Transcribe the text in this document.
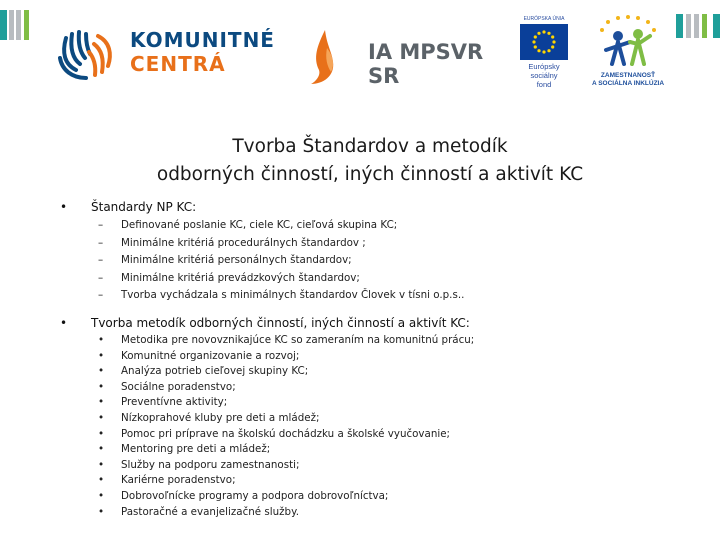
KOMUNITNÉ
CENTRÁ	IA MPSVR SR
EURÓPSKA ÚNIA
Európsky
sociálny
fond
ZAMESTNANOSŤ
A SOCIÁLNA INKLÚZIA
Tvorba Štandardov a metodík
odborných činností, iných činností a aktivít KC
• Štandardy NP KC:
– Definované poslanie KC, ciele KC, cieľová skupina KC;
– Minimálne kritériá procedurálnych štandardov ;
– Minimálne kritériá personálnych štandardov;
– Minimálne kritériá prevádzkových štandardov;
– Tvorba vychádzala s minimálnych štandardov Človek v tísni o.p.s..
• Tvorba metodík odborných činností, iných činností a aktivít KC:
• Metodika pre novovznikajúce KC so zameraním na komunitnú prácu;
• Komunitné organizovanie a rozvoj;
• Analýza potrieb cieľovej skupiny KC;
• Sociálne poradenstvo;
• Preventívne aktivity;
• Nízkoprahové kluby pre deti a mládež;
• Pomoc pri príprave na školskú dochádzku a školské vyučovanie;
• Mentoring pre deti a mládež;
• Služby na podporu zamestnanosti;
• Kariérne poradenstvo;
• Dobrovoľnícke programy a podpora dobrovoľníctva;
• Pastoračné a evanjelizačné služby.
